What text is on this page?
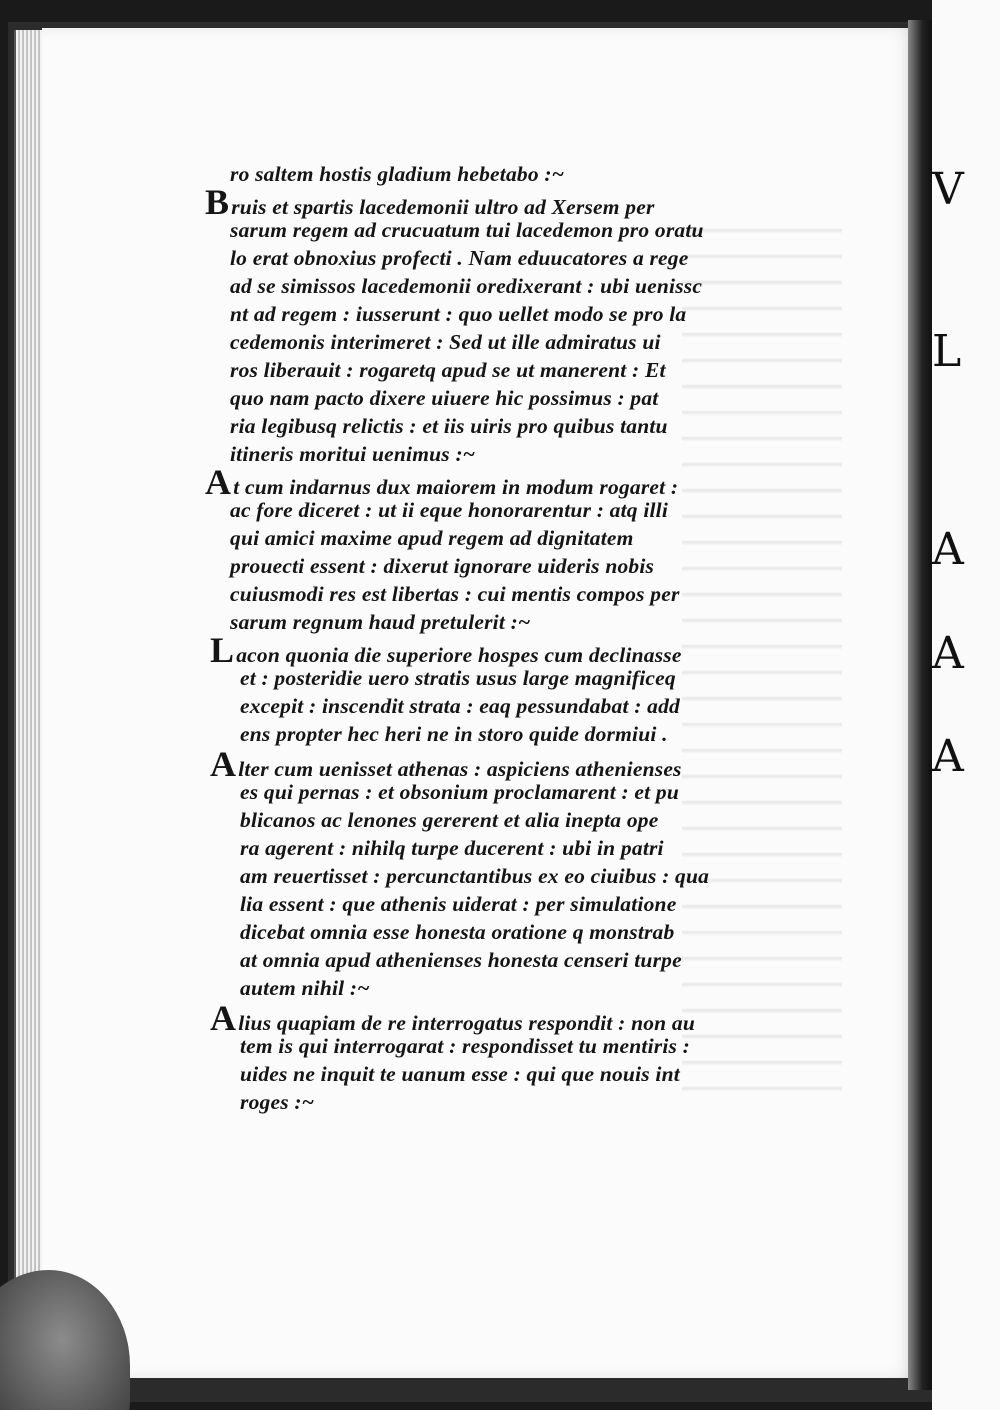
V
L
A
A
A
ro saltem hostis gladium hebetabo :~
Bruis et spartis lacedemonii ultro ad Xersem per
sarum regem ad crucuatum tui lacedemon pro oratu
lo erat obnoxius profecti . Nam eduucatores a rege
ad se simissos lacedemonii oredixerant : ubi uenissc
nt ad regem : iusserunt : quo uellet modo se pro la
cedemonis interimeret : Sed ut ille admiratus ui
ros liberauit : rogaretq apud se ut manerent : Et
quo nam pacto dixere uiuere hic possimus : pat
ria legibusq relictis : et iis uiris pro quibus tantu
itineris moritui uenimus :~
At cum indarnus dux maiorem in modum rogaret :
ac fore diceret : ut ii eque honorarentur : atq illi
qui amici maxime apud regem ad dignitatem
prouecti essent : dixerut ignorare uideris nobis
cuiusmodi res est libertas : cui mentis compos per
sarum regnum haud pretulerit :~
Lacon quonia die superiore hospes cum declinasse
et : posteridie uero stratis usus large magnificeq
excepit : inscendit strata : eaq pessundabat : add
ens propter hec heri ne in storo quide dormiui .
Alter cum uenisset athenas : aspiciens athenienses
es qui pernas : et obsonium proclamarent : et pu
blicanos ac lenones gererent et alia inepta ope
ra agerent : nihilq turpe ducerent : ubi in patri
am reuertisset : percunctantibus ex eo ciuibus : qua
lia essent : que athenis uiderat : per simulatione
dicebat omnia esse honesta oratione q monstrab
at omnia apud athenienses honesta censeri turpe
autem nihil :~
Alius quapiam de re interrogatus respondit : non au
tem is qui interrogarat : respondisset tu mentiris :
uides ne inquit te uanum esse : qui que nouis int
roges :~
